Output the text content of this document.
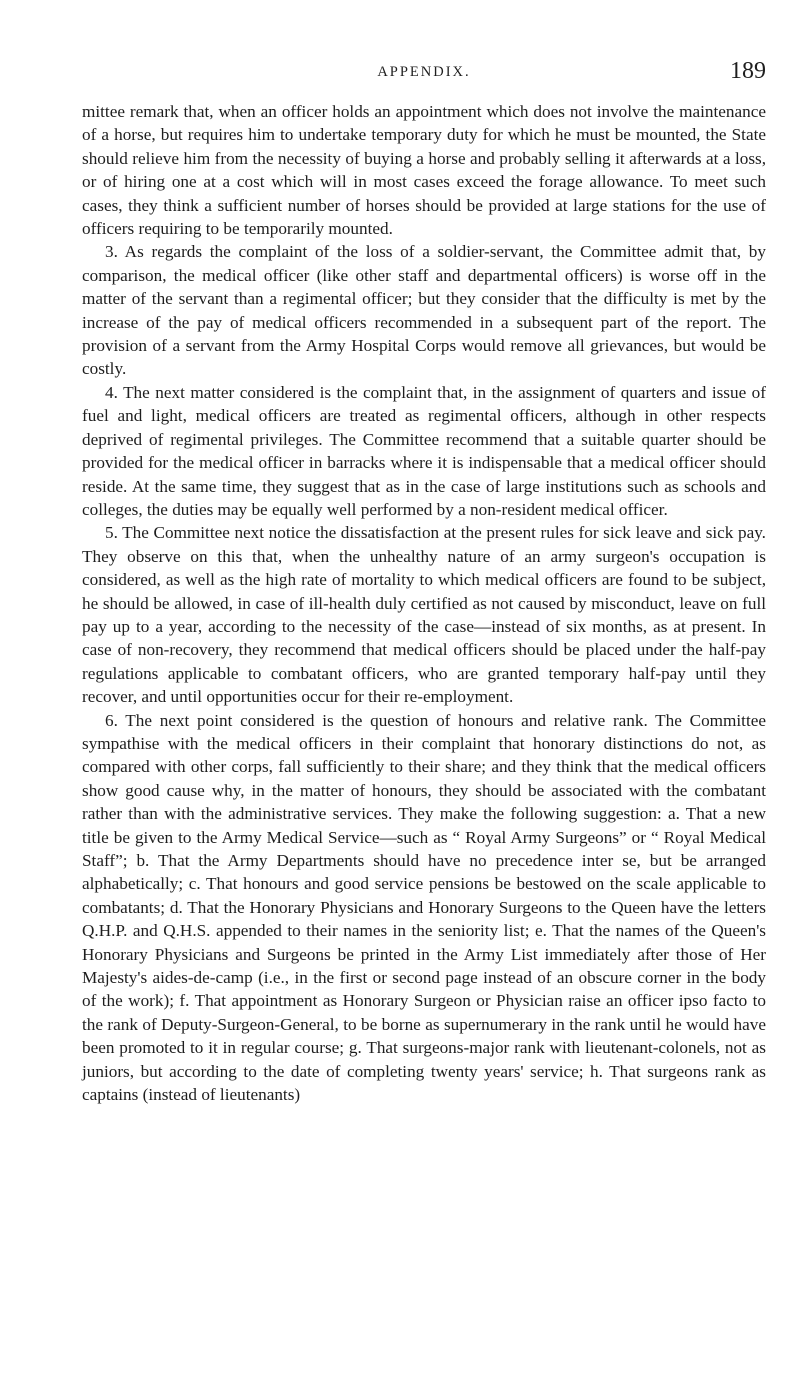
APPENDIX.	189

mittee remark that, when an officer holds an appointment which does not involve the maintenance of a horse, but requires him to undertake temporary duty for which he must be mounted, the State should relieve him from the necessity of buying a horse and probably selling it afterwards at a loss, or of hiring one at a cost which will in most cases exceed the forage allowance. To meet such cases, they think a sufficient number of horses should be provided at large stations for the use of officers requiring to be temporarily mounted.

3. As regards the complaint of the loss of a soldier-servant, the Committee admit that, by comparison, the medical officer (like other staff and departmental officers) is worse off in the matter of the servant than a regimental officer; but they consider that the difficulty is met by the increase of the pay of medical officers recommended in a subsequent part of the report. The provision of a servant from the Army Hospital Corps would remove all grievances, but would be costly.

4. The next matter considered is the complaint that, in the assignment of quarters and issue of fuel and light, medical officers are treated as regimental officers, although in other respects deprived of regimental privileges. The Committee recommend that a suitable quarter should be provided for the medical officer in barracks where it is indispensable that a medical officer should reside. At the same time, they suggest that as in the case of large institutions such as schools and colleges, the duties may be equally well performed by a non-resident medical officer.

5. The Committee next notice the dissatisfaction at the present rules for sick leave and sick pay. They observe on this that, when the unhealthy nature of an army surgeon's occupation is considered, as well as the high rate of mortality to which medical officers are found to be subject, he should be allowed, in case of ill-health duly certified as not caused by misconduct, leave on full pay up to a year, according to the necessity of the case—instead of six months, as at present. In case of non-recovery, they recommend that medical officers should be placed under the half-pay regulations applicable to combatant officers, who are granted temporary half-pay until they recover, and until opportunities occur for their re-employment.

6. The next point considered is the question of honours and relative rank. The Committee sympathise with the medical officers in their complaint that honorary distinctions do not, as compared with other corps, fall sufficiently to their share; and they think that the medical officers show good cause why, in the matter of honours, they should be associated with the combatant rather than with the administrative services. They make the following suggestion: a. That a new title be given to the Army Medical Service—such as “ Royal Army Surgeons” or “ Royal Medical Staff”; b. That the Army Departments should have no precedence inter se, but be arranged alphabetically; c. That honours and good service pensions be bestowed on the scale applicable to combatants; d. That the Honorary Physicians and Honorary Surgeons to the Queen have the letters Q.H.P. and Q.H.S. appended to their names in the seniority list; e. That the names of the Queen's Honorary Physicians and Surgeons be printed in the Army List immediately after those of Her Majesty's aides-de-camp (i.e., in the first or second page instead of an obscure corner in the body of the work); f. That appointment as Honorary Surgeon or Physician raise an officer ipso facto to the rank of Deputy-Surgeon-General, to be borne as supernumerary in the rank until he would have been promoted to it in regular course; g. That surgeons-major rank with lieutenant-colonels, not as juniors, but according to the date of completing twenty years' service; h. That surgeons rank as captains (instead of lieutenants)
